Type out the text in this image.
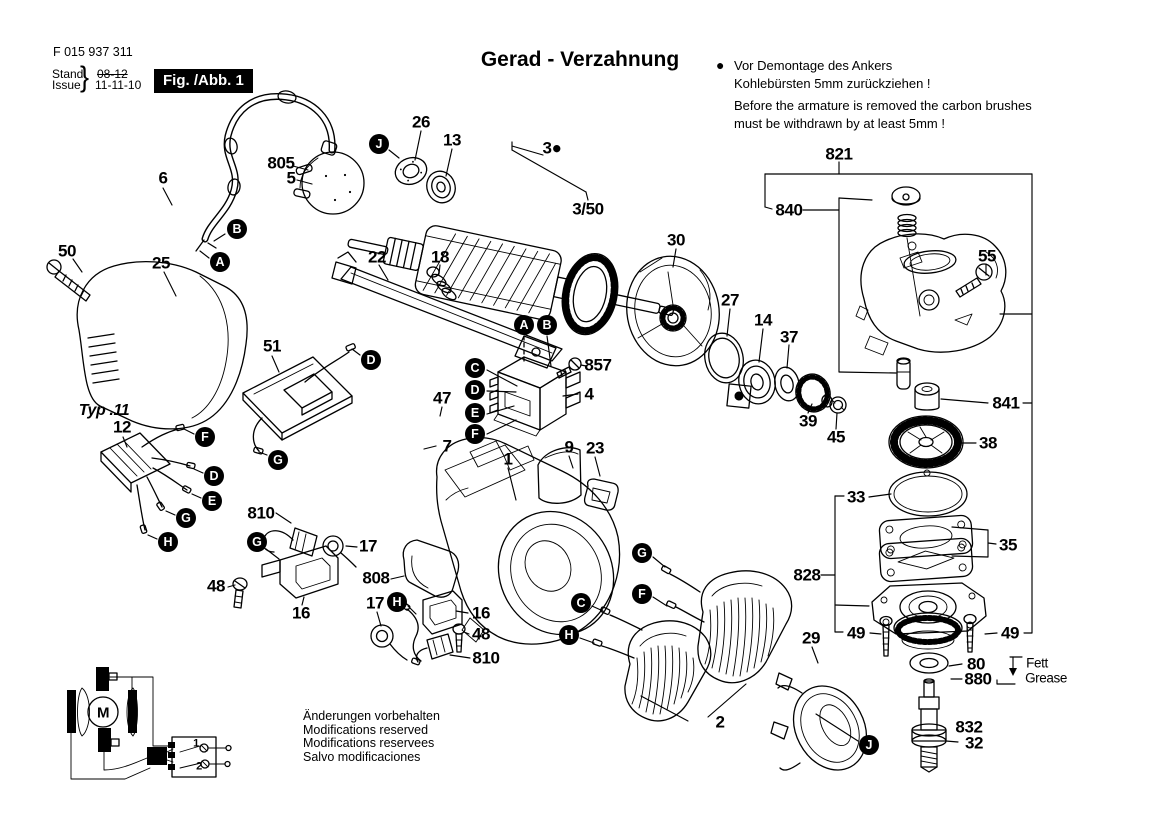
26
13	3●
3/50
805
5
6
50
25	22	18
30
27
14
37
39
45
821
840
55
841
38
33
35
828
49	49
29
80
880
Fett
Grease
832
32
857
4
47
7
1
9 23
51
Typ .11
12
810
17
48
16
808
17
16
48
810
2
M
1
2
J
B
A
A	B
D
C
D
E
F
F
G
D
E
G
H	G
G
F
H	C
H
J
F 015 937 311
Stand
Issue } 08-12
11-11-10	Fig. /Abb. 1
Gerad - Verzahnung	● Vor Demontage des Ankers
Kohlebürsten 5mm zurückziehen !
Before the armature is removed the carbon brushes
must be withdrawn by at least 5mm !
Änderungen vorbehalten
Modifications reserved
Modifications reservees
Salvo modificaciones
